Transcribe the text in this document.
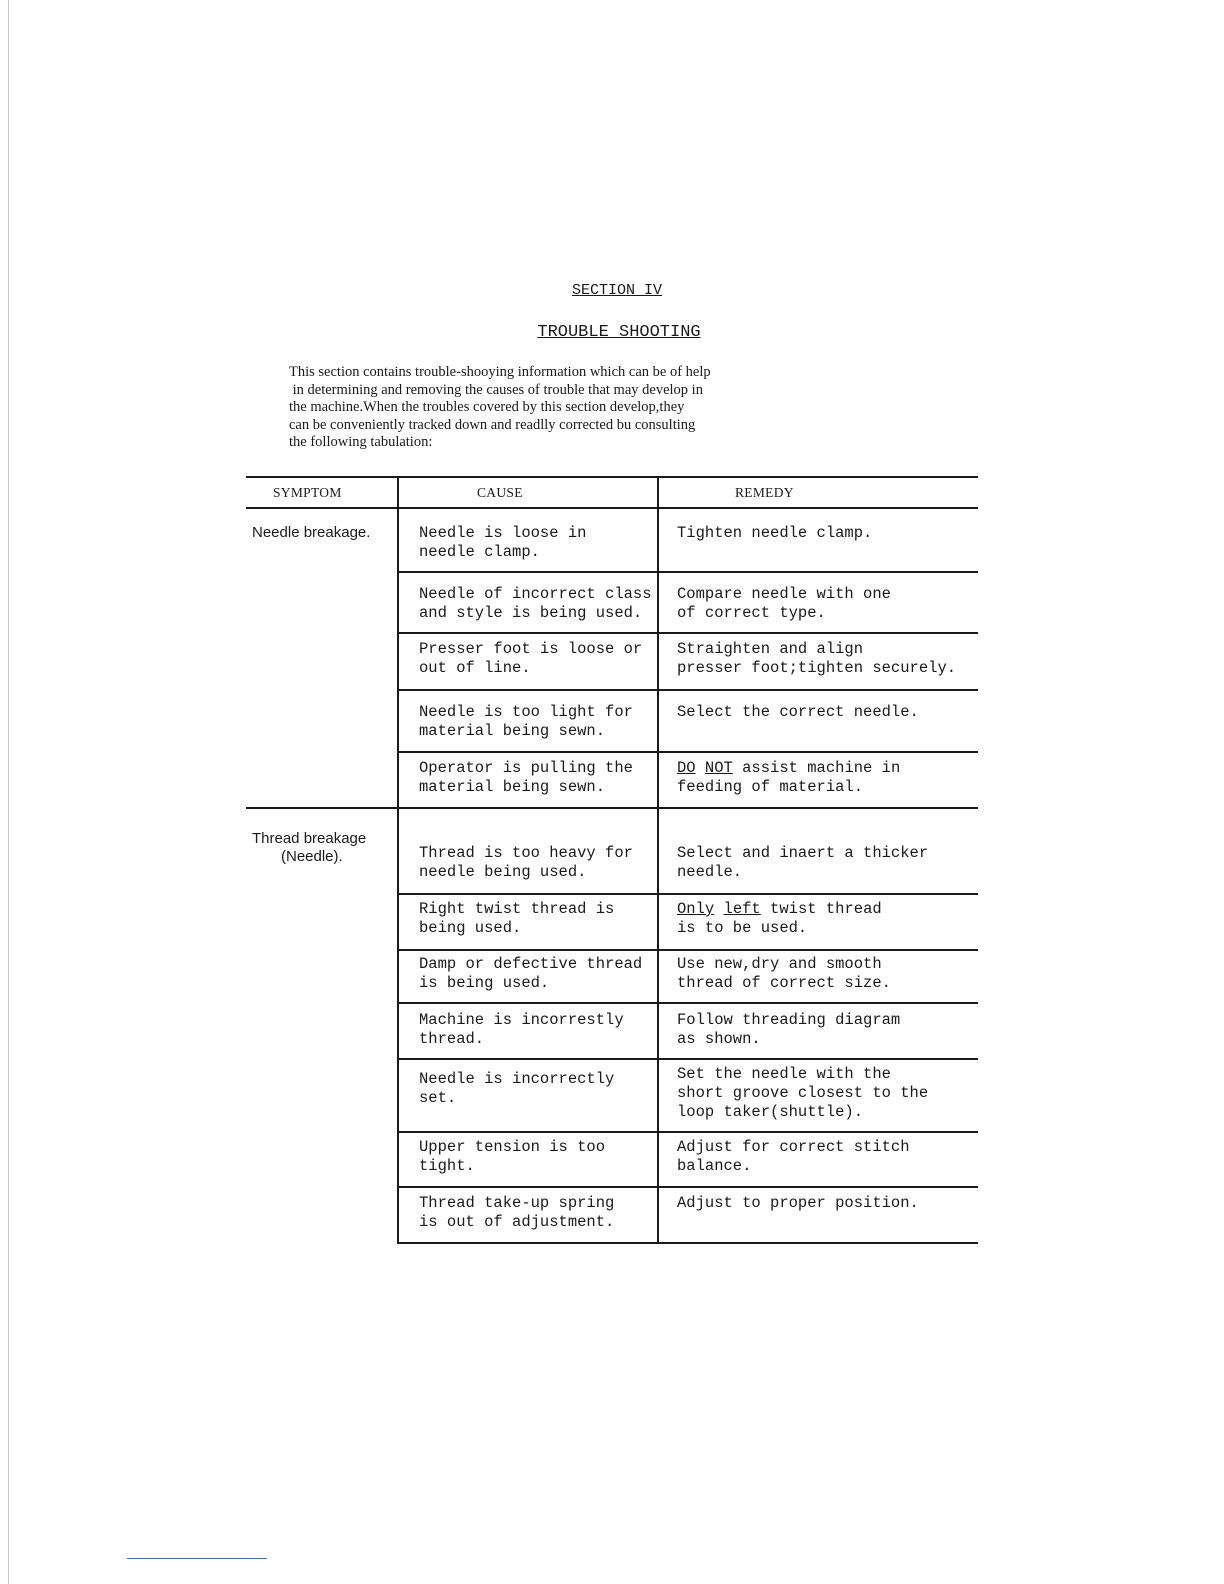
SECTION IV
TROUBLE SHOOTING
This section contains trouble-shooying information which can be of help
in determining and removing the causes of trouble that may develop in
the machine.When the troubles covered by this section develop,they
can be conveniently tracked down and readlly corrected bu consulting
the following tabulation:
SYMPTOM	CAUSE	REMEDY
Needle breakage.
Thread breakage
(Needle).
Needle is loose in
needle clamp.
Tighten needle clamp.
Needle of incorrect class
and style is being used.
Compare needle with one
of correct type.
Presser foot is loose or
out of line.
Straighten and align
presser foot;tighten securely.
Needle is too light for
material being sewn.
Select the correct needle.
Operator is pulling the
material being sewn.
DO NOT assist machine in
feeding of material.
Thread is too heavy for
needle being used.
Select and inaert a thicker
needle.
Right twist thread is
being used.
Only left twist thread
is to be used.
Damp or defective thread
is being used.
Use new,dry and smooth
thread of correct size.
Machine is incorrestly
thread.
Follow threading diagram
as shown.
Needle is incorrectly
set.
Set the needle with the
short groove closest to the
loop taker(shuttle).
Upper tension is too
tight.
Adjust for correct stitch
balance.
Thread take-up spring
is out of adjustment.
Adjust to proper position.
